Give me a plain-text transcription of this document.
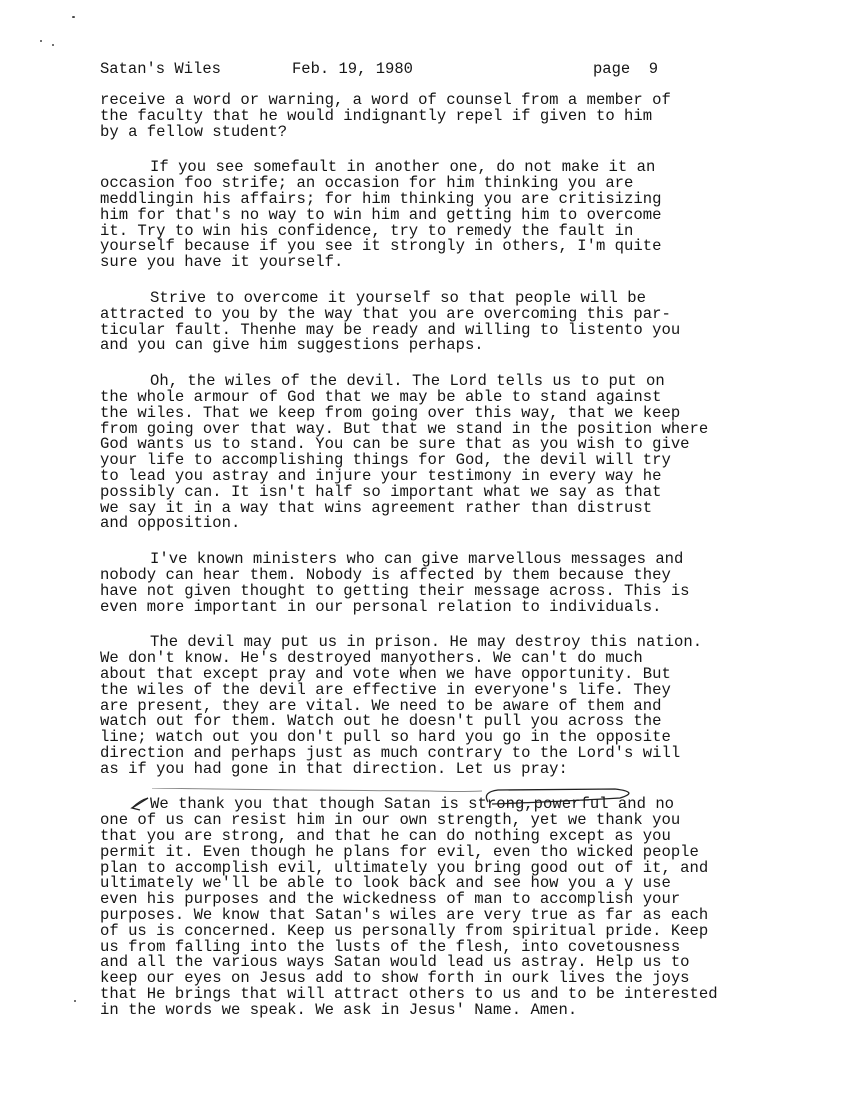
Satan's Wiles	Feb. 19, 1980	page  9
receive a word or warning, a word of counsel from a member of
the faculty that he would indignantly repel if given to him
by a fellow student?
If you see somefault in another one, do not make it an
occasion foo strife; an occasion for him thinking you are
meddlingin his affairs; for him thinking you are critisizing
him for that's no way to win him and getting him to overcome
it. Try to win his confidence, try to remedy the fault in
yourself because if you see it strongly in others, I'm quite
sure you have it yourself.
Strive to overcome it yourself so that people will be
attracted to you by the way that you are overcoming this par-
ticular fault. Thenhe may be ready and willing to listento you
and you can give him suggestions perhaps.
Oh, the wiles of the devil. The Lord tells us to put on
the whole armour of God that we may be able to stand against
the wiles. That we keep from going over this way, that we keep
from going over that way. But that we stand in the position where
God wants us to stand. You can be sure that as you wish to give
your life to accomplishing things for God, the devil will try
to lead you astray and injure your testimony in every way he
possibly can. It isn't half so important what we say as that
we say it in a way that wins agreement rather than distrust
and opposition.
I've known ministers who can give marvellous messages and
nobody can hear them. Nobody is affected by them because they
have not given thought to getting their message across. This is
even more important in our personal relation to individuals.
The devil may put us in prison. He may destroy this nation.
We don't know. He's destroyed manyothers. We can't do much
about that except pray and vote when we have opportunity. But
the wiles of the devil are effective in everyone's life. They
are present, they are vital. We need to be aware of them and
watch out for them. Watch out he doesn't pull you across the
line; watch out you don't pull so hard you go in the opposite
direction and perhaps just as much contrary to the Lord's will
as if you had gone in that direction. Let us pray:
We thank you that though Satan is strong,powerful and no
one of us can resist him in our own strength, yet we thank you
that you are strong, and that he can do nothing except as you
permit it. Even though he plans for evil, even tho wicked people
plan to accomplish evil, ultimately you bring good out of it, and
ultimately we'll be able to look back and see how you a y use
even his purposes and the wickedness of man to accomplish your
purposes. We know that Satan's wiles are very true as far as each
of us is concerned. Keep us personally from spiritual pride. Keep
us from falling into the lusts of the flesh, into covetousness
and all the various ways Satan would lead us astray. Help us to
keep our eyes on Jesus add to show forth in ourk lives the joys
that He brings that will attract others to us and to be interested
in the words we speak. We ask in Jesus' Name. Amen.
